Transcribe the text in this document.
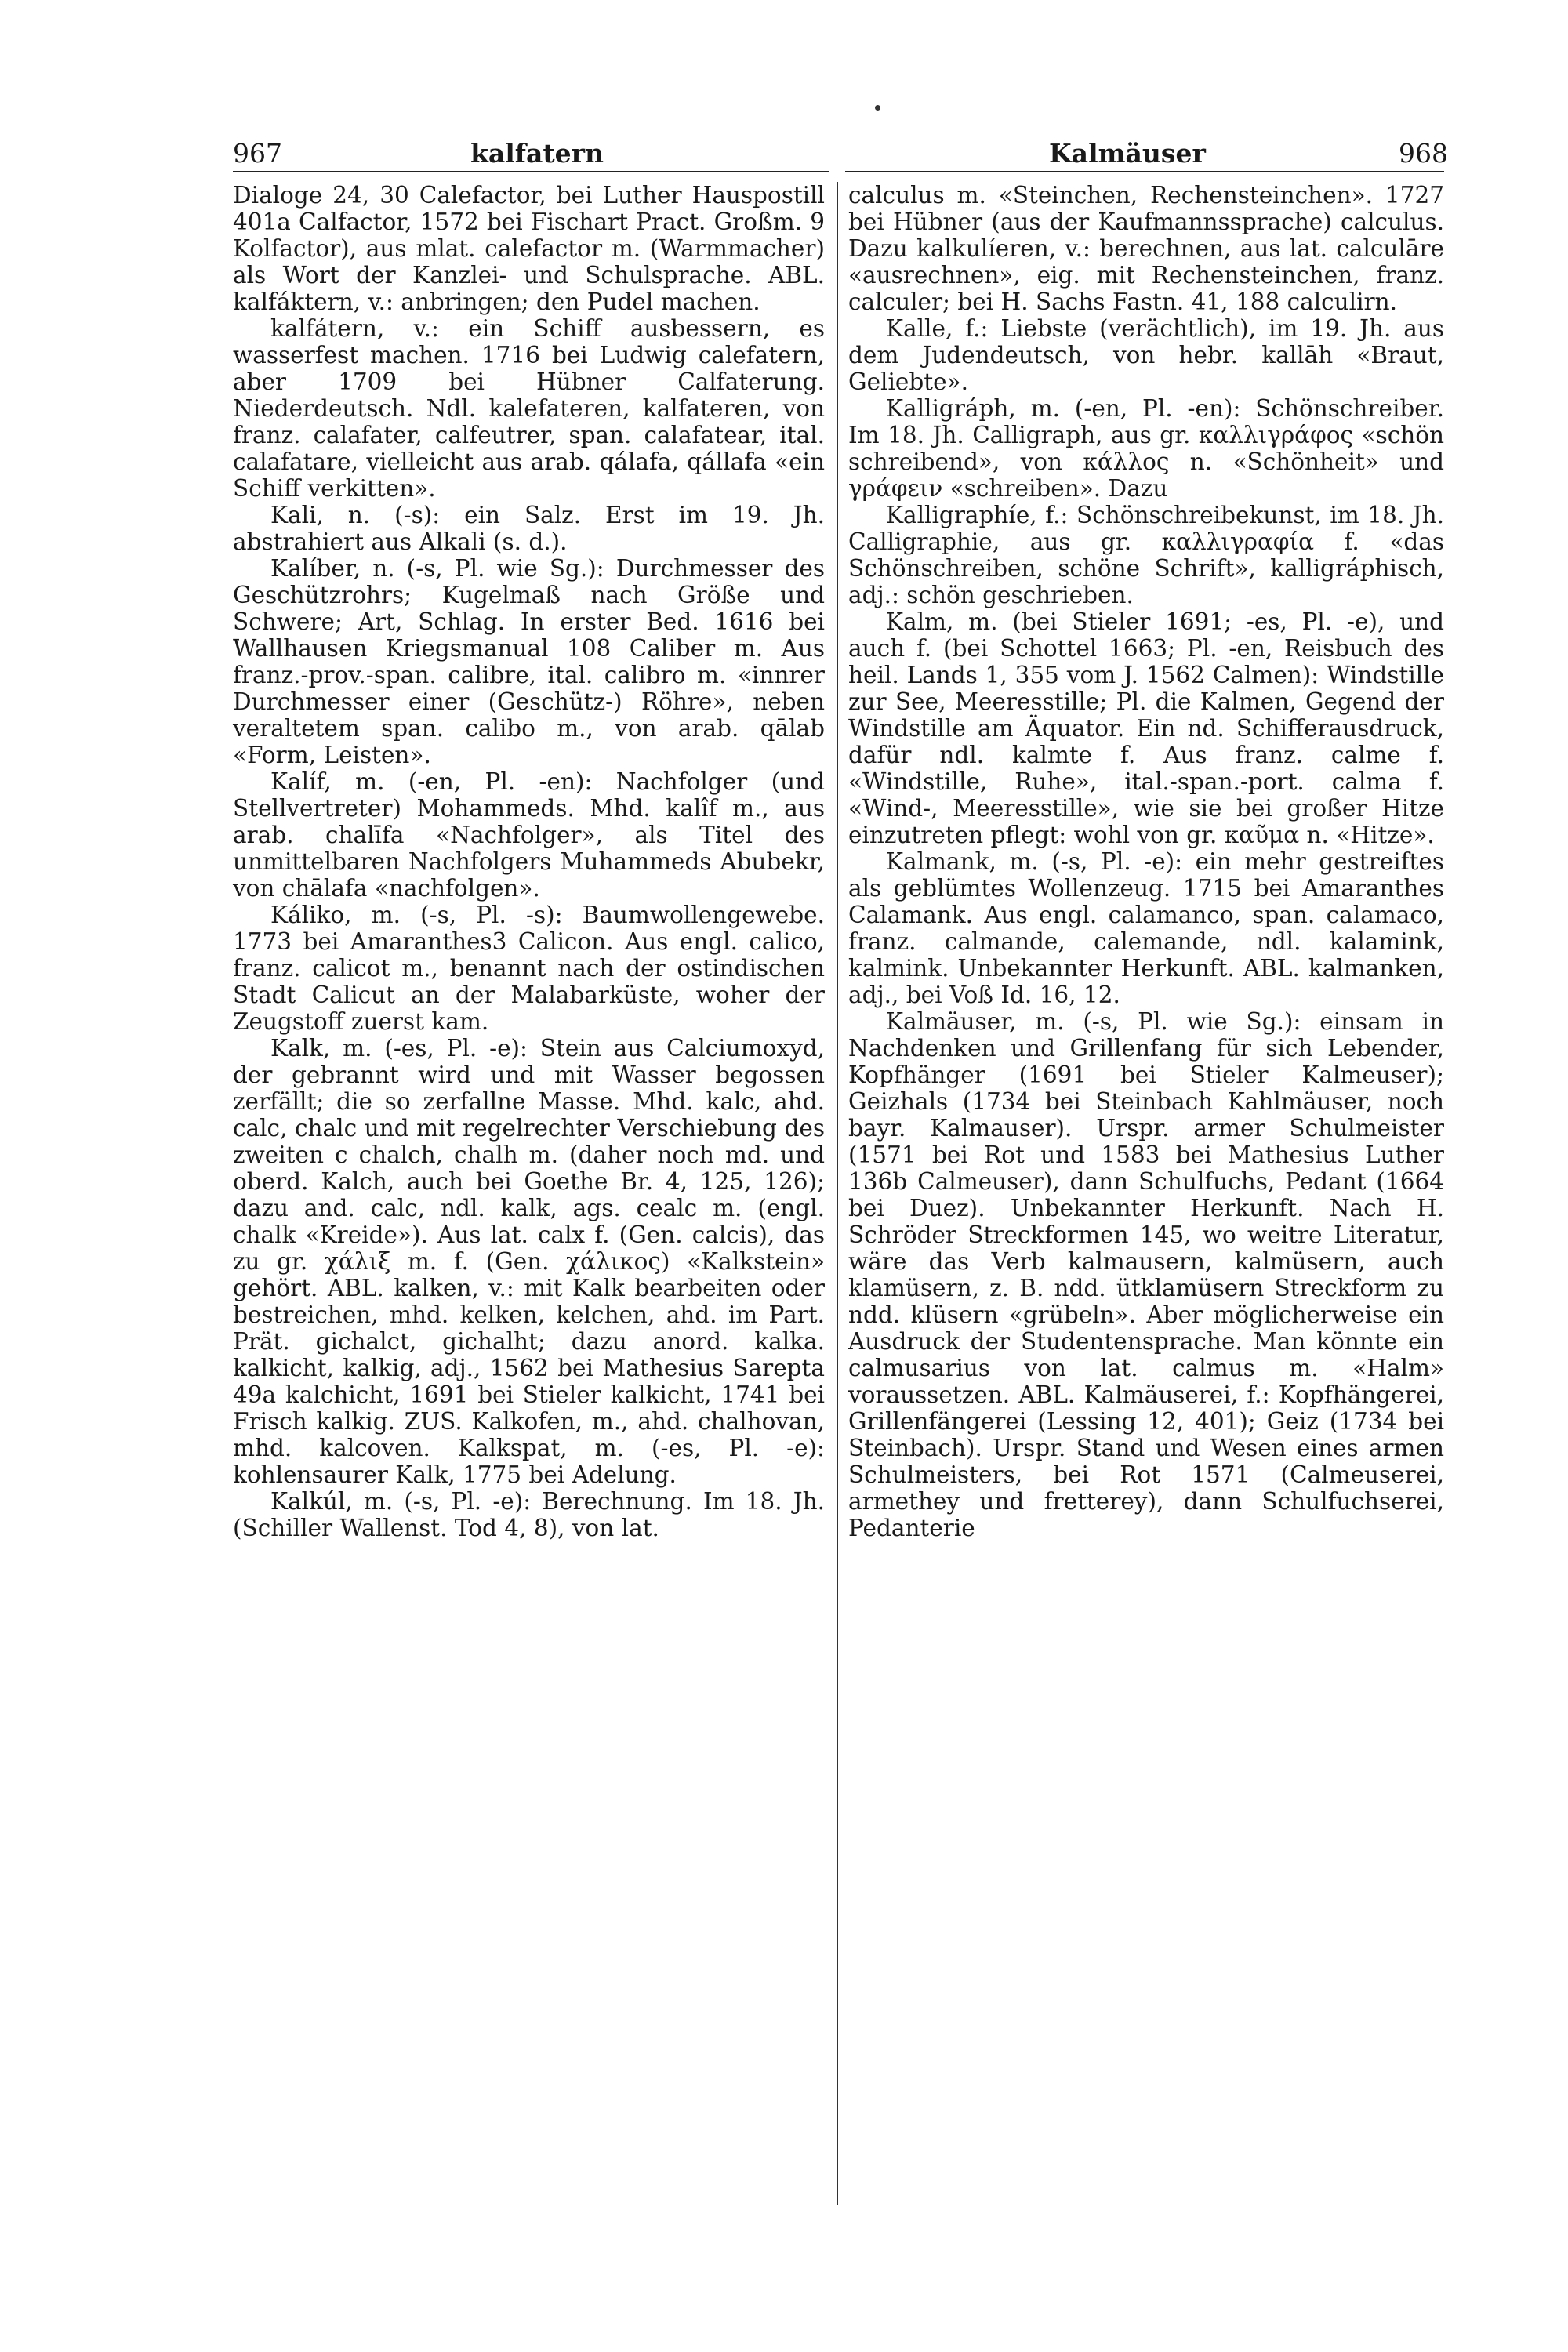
967	kalfatern	Kalmäuser	968

Dialoge 24, 30 Calefactor, bei Luther Hauspostill 401a Calfactor, 1572 bei Fischart Pract. Großm. 9 Kolfactor), aus mlat. calefactor m. (Warmmacher) als Wort der Kanzlei- und Schulsprache. ABL. kalfáktern, v.: anbringen; den Pudel machen.

kalfátern, v.: ein Schiff ausbessern, es wasserfest machen. 1716 bei Ludwig calefatern, aber 1709 bei Hübner Calfaterung. Niederdeutsch. Ndl. kalefateren, kalfateren, von franz. calafater, calfeutrer, span. calafatear, ital. calafatare, vielleicht aus arab. qálafa, qállafa «ein Schiff verkitten».

Kali, n. (-s): ein Salz. Erst im 19. Jh. abstrahiert aus Alkali (s. d.).

Kalíber, n. (-s, Pl. wie Sg.): Durchmesser des Geschützrohrs; Kugelmaß nach Größe und Schwere; Art, Schlag. In erster Bed. 1616 bei Wallhausen Kriegsmanual 108 Caliber m. Aus franz.-prov.-span. calibre, ital. calibro m. «innrer Durchmesser einer (Geschütz-) Röhre», neben veraltetem span. calibo m., von arab. qālab «Form, Leisten».

Kalíf, m. (-en, Pl. -en): Nachfolger (und Stellvertreter) Mohammeds. Mhd. kalîf m., aus arab. chalīfa «Nachfolger», als Titel des unmittelbaren Nachfolgers Muhammeds Abubekr, von chālafa «nachfolgen».

Káliko, m. (-s, Pl. -s): Baumwollengewebe. 1773 bei Amaranthes3 Calicon. Aus engl. calico, franz. calicot m., benannt nach der ostindischen Stadt Calicut an der Malabarküste, woher der Zeugstoff zuerst kam.

Kalk, m. (-es, Pl. -e): Stein aus Calciumoxyd, der gebrannt wird und mit Wasser begossen zerfällt; die so zerfallne Masse. Mhd. kalc, ahd. calc, chalc und mit regelrechter Verschiebung des zweiten c chalch, chalh m. (daher noch md. und oberd. Kalch, auch bei Goethe Br. 4, 125, 126); dazu and. calc, ndl. kalk, ags. cealc m. (engl. chalk «Kreide»). Aus lat. calx f. (Gen. calcis), das zu gr. χάλιξ m. f. (Gen. χάλικος) «Kalkstein» gehört. ABL. kalken, v.: mit Kalk bearbeiten oder bestreichen, mhd. kelken, kelchen, ahd. im Part. Prät. gichalct, gichalht; dazu anord. kalka. kalkicht, kalkig, adj., 1562 bei Mathesius Sarepta 49a kalchicht, 1691 bei Stieler kalkicht, 1741 bei Frisch kalkig. ZUS. Kalkofen, m., ahd. chalhovan, mhd. kalcoven. Kalkspat, m. (-es, Pl. -e): kohlensaurer Kalk, 1775 bei Adelung.

Kalkúl, m. (-s, Pl. -e): Berechnung. Im 18. Jh. (Schiller Wallenst. Tod 4, 8), von lat.

calculus m. «Steinchen, Rechensteinchen». 1727 bei Hübner (aus der Kaufmannssprache) calculus. Dazu kalkulíeren, v.: berechnen, aus lat. calculāre «ausrechnen», eig. mit Rechensteinchen, franz. calculer; bei H. Sachs Fastn. 41, 188 calculirn.

Kalle, f.: Liebste (verächtlich), im 19. Jh. aus dem Judendeutsch, von hebr. kallāh «Braut, Geliebte».

Kalligráph, m. (-en, Pl. -en): Schönschreiber. Im 18. Jh. Calligraph, aus gr. καλλιγράφος «schön schreibend», von κάλλος n. «Schönheit» und γράφειν «schreiben». Dazu

Kalligraphíe, f.: Schönschreibekunst, im 18. Jh. Calligraphie, aus gr. καλλιγραφία f. «das Schönschreiben, schöne Schrift», kalligráphisch, adj.: schön geschrieben.

Kalm, m. (bei Stieler 1691; -es, Pl. -e), und auch f. (bei Schottel 1663; Pl. -en, Reisbuch des heil. Lands 1, 355 vom J. 1562 Calmen): Windstille zur See, Meeresstille; Pl. die Kalmen, Gegend der Windstille am Äquator. Ein nd. Schifferausdruck, dafür ndl. kalmte f. Aus franz. calme f. «Windstille, Ruhe», ital.-span.-port. calma f. «Wind-, Meeresstille», wie sie bei großer Hitze einzutreten pflegt: wohl von gr. καῦμα n. «Hitze».

Kalmank, m. (-s, Pl. -e): ein mehr gestreiftes als geblümtes Wollenzeug. 1715 bei Amaranthes Calamank. Aus engl. calamanco, span. calamaco, franz. calmande, calemande, ndl. kalamink, kalmink. Unbekannter Herkunft. ABL. kalmanken, adj., bei Voß Id. 16, 12.

Kalmäuser, m. (-s, Pl. wie Sg.): einsam in Nachdenken und Grillenfang für sich Lebender, Kopfhänger (1691 bei Stieler Kalmeuser); Geizhals (1734 bei Steinbach Kahlmäuser, noch bayr. Kalmauser). Urspr. armer Schulmeister (1571 bei Rot und 1583 bei Mathesius Luther 136b Calmeuser), dann Schulfuchs, Pedant (1664 bei Duez). Unbekannter Herkunft. Nach H. Schröder Streckformen 145, wo weitre Literatur, wäre das Verb kalmausern, kalmüsern, auch klamüsern, z. B. ndd. ütklamüsern Streckform zu ndd. klüsern «grübeln». Aber möglicherweise ein Ausdruck der Studentensprache. Man könnte ein calmusarius von lat. calmus m. «Halm» voraussetzen. ABL. Kalmäuserei, f.: Kopfhängerei, Grillenfängerei (Lessing 12, 401); Geiz (1734 bei Steinbach). Urspr. Stand und Wesen eines armen Schulmeisters, bei Rot 1571 (Calmeuserei, armethey und fretterey), dann Schulfuchserei, Pedanterie
